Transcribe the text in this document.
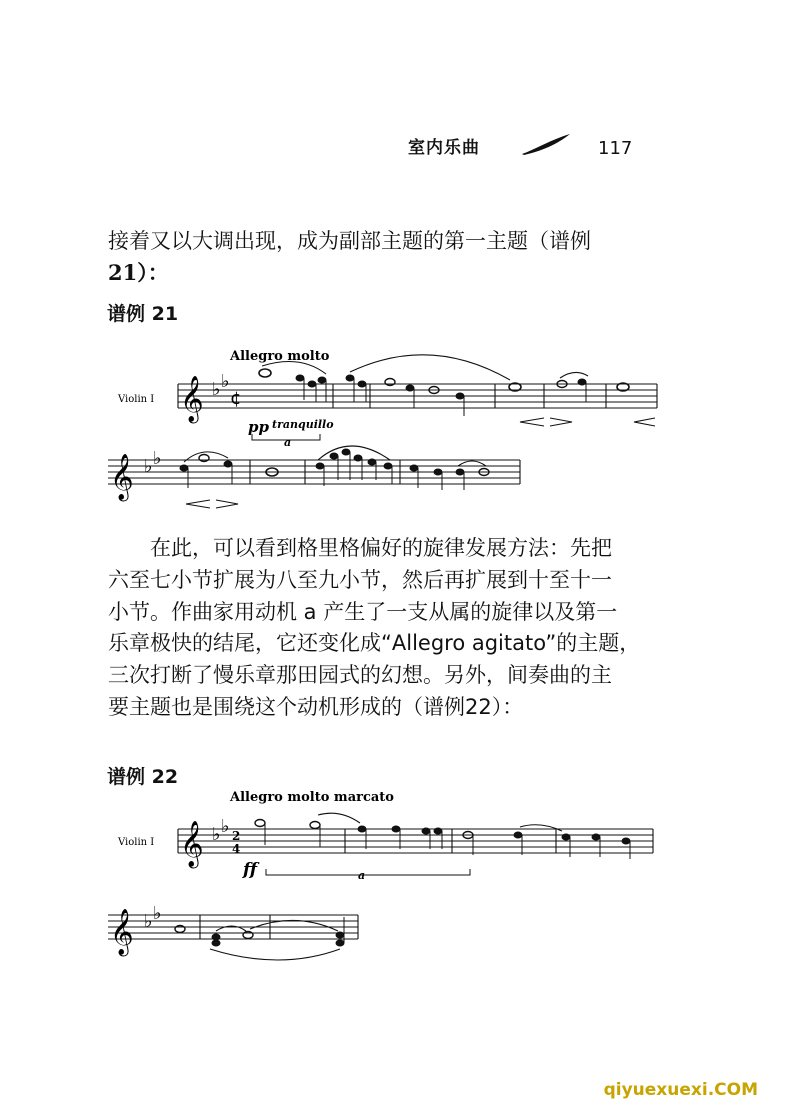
室内乐曲	117
接着又以大调出现，成为副部主题的第一主题（谱例
21）：
谱例 21
Allegro molto
Violin I 𝄞 ♭ ♭
¢
pp tranquillo
a
𝄞 ♭ ♭
在此，可以看到格里格偏好的旋律发展方法：先把
六至七小节扩展为八至九小节，然后再扩展到十至十一
小节。作曲家用动机 a 产生了一支从属的旋律以及第一
乐章极快的结尾，它还变化成“Allegro agitato”的主题，
三次打断了慢乐章那田园式的幻想。另外，间奏曲的主
要主题也是围绕这个动机形成的（谱例22）：
谱例 22
Allegro molto marcato
Violin I 𝄞 ♭ ♭ 2
4
ff	a
𝄞 ♭ ♭
qiyuexuexi.COM
